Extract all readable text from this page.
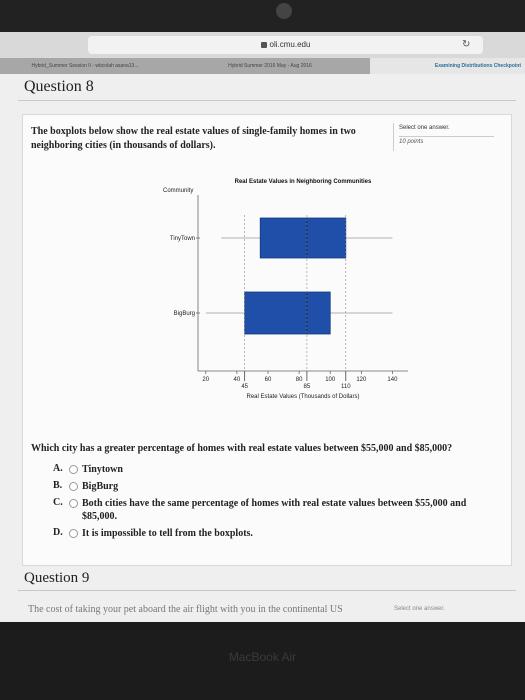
oli.cmu.edu	↻
Hybrid_Summer Session II - wbcolah asana13...	Hybrid Summer 2016 May - Aug 2016	Examining Distributions Checkpoint
Question 8
The boxplots below show the real estate values of single-family homes in two neighboring cities (in thousands of dollars).
Select one answer.
10 points
Real Estate Values in Neighboring Communities
Community
TinyTown
BigBurg
20	40	60	80	100	120	140
45	85	110
Real Estate Values (Thousands of Dollars)
Which city has a greater percentage of homes with real estate values between $55,000 and $85,000?
A.	Tinytown
B.	BigBurg
C.	Both cities have the same percentage of homes with real estate values between $55,000 and $85,000.
D.	It is impossible to tell from the boxplots.
Question 9
The cost of taking your pet aboard the air flight with you in the continental US	Select one answer.
MacBook Air
